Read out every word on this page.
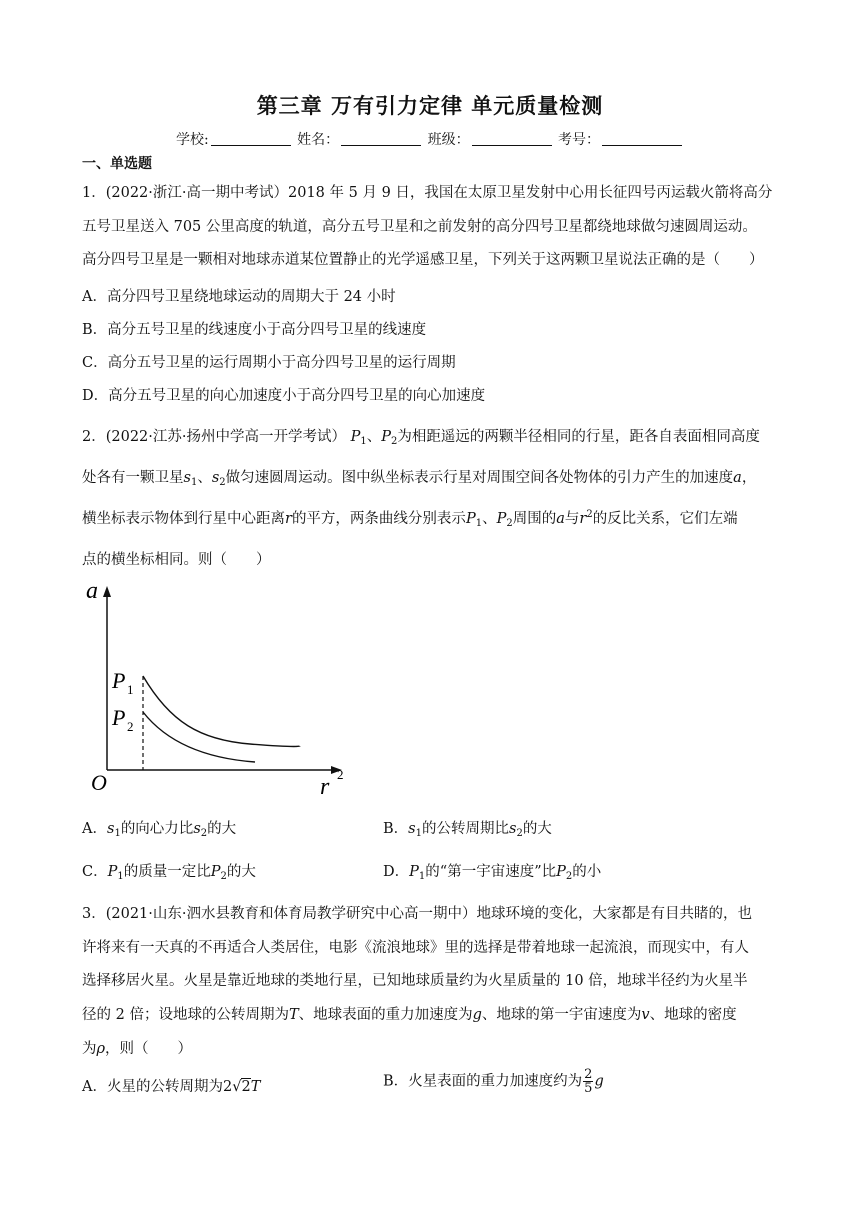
第三章 万有引力定律 单元质量检测
学校:	姓名：	班级：	考号：
一、单选题
1．(2022·浙江·高一期中考试）2018 年 5 月 9 日，我国在太原卫星发射中心用长征四号丙运载火箭将高分
五号卫星送入 705 公里高度的轨道，高分五号卫星和之前发射的高分四号卫星都绕地球做匀速圆周运动。
高分四号卫星是一颗相对地球赤道某位置静止的光学遥感卫星，下列关于这两颗卫星说法正确的是（　　）
A．高分四号卫星绕地球运动的周期大于 24 小时
B．高分五号卫星的线速度小于高分四号卫星的线速度
C．高分五号卫星的运行周期小于高分四号卫星的运行周期
D．高分五号卫星的向心加速度小于高分四号卫星的向心加速度
2．(2022·江苏·扬州中学高一开学考试） $P_1$、$P_2$为相距遥远的两颗半径相同的行星，距各自表面相同高度
处各有一颗卫星$s_1$、$s_2$做匀速圆周运动。图中纵坐标表示行星对周围空间各处物体的引力产生的加速度a，
横坐标表示物体到行星中心距离r的平方，两条曲线分别表示$P_1$、$P_2$周围的a与$r^2$的反比关系，它们左端
点的横坐标相同。则（　　）
a
O	r 2
P 1
P 2
A．$s_1$的向心力比$s_2$的大	B．$s_1$的公转周期比$s_2$的大
C．$P_1$的质量一定比$P_2$的大	D．$P_1$的“第一宇宙速度”比$P_2$的小
3．(2021·山东·泗水县教育和体育局教学研究中心高一期中）地球环境的变化，大家都是有目共睹的，也
许将来有一天真的不再适合人类居住，电影《流浪地球》里的选择是带着地球一起流浪，而现实中，有人
选择移居火星。火星是靠近地球的类地行星，已知地球质量约为火星质量的 10 倍，地球半径约为火星半
径的 2 倍；设地球的公转周期为T、地球表面的重力加速度为g、地球的第一宇宙速度为v、地球的密度
为ρ，则（　　）
A．火星的公转周期为2√2T	B．火星表面的重力加速度约为 $\frac{2}{5}$ g
